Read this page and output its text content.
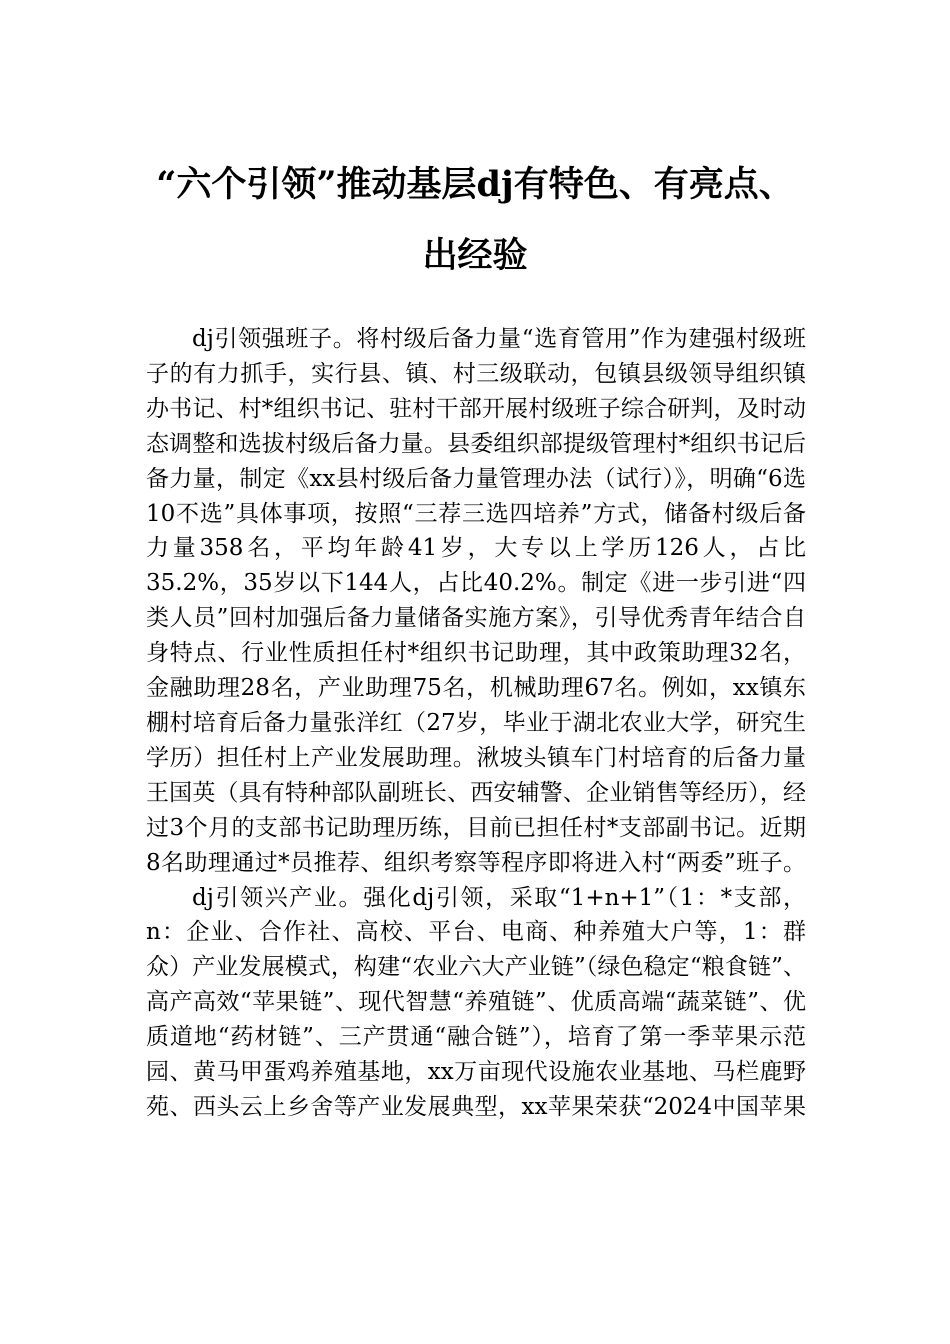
“六个引领”推动基层dj有特色、有亮点、
出经验

dj引领强班子。将村级后备力量“选育管用”作为建强村级班子的有力抓手，实行县、镇、村三级联动，包镇县级领导组织镇办书记、村*组织书记、驻村干部开展村级班子综合研判，及时动态调整和选拔村级后备力量。县委组织部提级管理村*组织书记后备力量，制定《xx县村级后备力量管理办法（试行）》，明确“6选10不选”具体事项，按照“三荐三选四培养”方式，储备村级后备力量358名，平均年龄41岁，大专以上学历126人，占比35.2%，35岁以下144人，占比40.2%。制定《进一步引进“四类人员”回村加强后备力量储备实施方案》，引导优秀青年结合自身特点、行业性质担任村*组织书记助理，其中政策助理32名，金融助理28名，产业助理75名，机械助理67名。例如，xx镇东棚村培育后备力量张洋红（27岁，毕业于湖北农业大学，研究生学历）担任村上产业发展助理。湫坡头镇车门村培育的后备力量王国英（具有特种部队副班长、西安辅警、企业销售等经历），经过3个月的支部书记助理历练，目前已担任村*支部副书记。近期8名助理通过*员推荐、组织考察等程序即将进入村“两委”班子。

dj引领兴产业。强化dj引领，采取“1+n+1”（1：*支部，n：企业、合作社、高校、平台、电商、种养殖大户等，1：群众）产业发展模式，构建“农业六大产业链”（绿色稳定“粮食链”、高产高效“苹果链”、现代智慧“养殖链”、优质高端“蔬菜链”、优质道地“药材链”、三产贯通“融合链”），培育了第一季苹果示范园、黄马甲蛋鸡养殖基地，xx万亩现代设施农业基地、马栏鹿野苑、西头云上乡舍等产业发展典型，xx苹果荣获“2024中国苹果
